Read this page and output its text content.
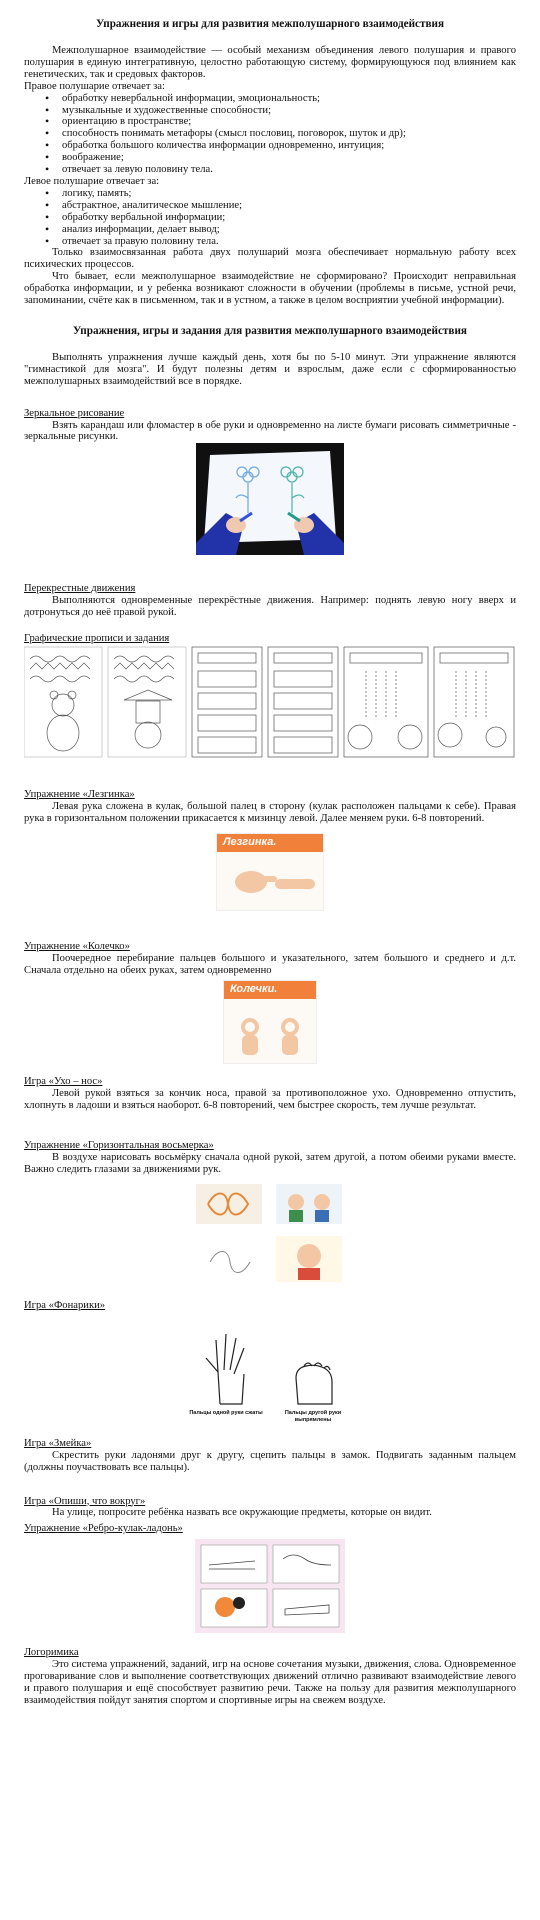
Упражнения и игры для развития межполушарного взаимодействия

Межполушарное взаимодействие — особый механизм объединения левого полушария и правого полушария в единую интегративную, целостно работающую систему, формирующуюся под влиянием как генетических, так и средовых факторов.

Правое полушарие отвечает за:

• обработку невербальной информации, эмоциональность;
• музыкальные и художественные способности;
• ориентацию в пространстве;
• способность понимать метафоры (смысл пословиц, поговорок, шуток и др);
• обработка большого количества информации одновременно, интуиция;
• воображение;
• отвечает за левую половину тела.

Левое полушарие отвечает за:

• логику, память;
• абстрактное, аналитическое мышление;
• обработку вербальной информации;
• анализ информации, делает вывод;
• отвечает за правую половину тела.

Только взаимосвязанная работа двух полушарий мозга обеспечивает нормальную работу всех психических процессов.

Что бывает, если межполушарное взаимодействие не сформировано? Происходит неправильная обработка информации, и у ребенка возникают сложности в обучении (проблемы в письме, устной речи, запоминании, счёте как в письменном, так и в устном, а также в целом восприятии учебной информации).

Упражнения, игры и задания для развития межполушарного взаимодействия

Выполнять упражнения лучше каждый день, хотя бы по 5-10 минут. Эти упражнение являются "гимнастикой для мозга". И будут полезны детям и взрослым, даже если с сформированностью межполушарных взаимодействий все в порядке.

Зеркальное рисование

Взять карандаш или фломастер в обе руки и одновременно на листе бумаги рисовать симметричные - зеркальные рисунки.

Перекрестные движения

Выполняются одновременные перекрёстные движения. Например: поднять левую ногу вверх и дотронуться до неё правой рукой.

Графические прописи и задания

Упражнение «Лезгинка»

Левая рука сложена в кулак, большой палец в сторону (кулак расположен пальцами к себе). Правая рука в горизонтальном положении прикасается к мизинцу левой. Далее меняем руки. 6-8 повторений.

Лезгинка.

Упражнение «Колечко»

Поочередное перебирание пальцев большого и указательного, затем большого и среднего и д.т. Сначала отдельно на обеих руках, затем одновременно

Колечки.

Игра «Ухо – нос»

Левой рукой взяться за кончик носа, правой за противоположное ухо. Одновременно отпустить, хлопнуть в ладоши и взяться наоборот. 6-8 повторений, чем быстрее скорость, тем лучше результат.

Упражнение «Горизонтальная восьмерка»

В воздухе нарисовать восьмёрку сначала одной рукой, затем другой, а потом обеими руками вместе. Важно следить глазами за движениями рук.

Игра «Фонарики»

Пальцы одной руки сжаты	Пальцы другой руки выпрямлены

Игра «Змейка»

Скрестить руки ладонями друг к другу, сцепить пальцы в замок. Подвигать заданным пальцем (должны поучаствовать все пальцы).

Игра «Опиши, что вокруг»

На улице, попросите ребёнка назвать все окружающие предметы, которые он видит.

Упражнение «Ребро-кулак-ладонь»

Логоримика

Это система упражнений, заданий, игр на основе сочетания музыки, движения, слова. Одновременное проговаривание слов и выполнение соответствующих движений отлично развивают взаимодействие левого и правого полушария и ещё способствует развитию речи. Также на пользу для развития межполушарного взаимодействия пойдут занятия спортом и спортивные игры на свежем воздухе.
